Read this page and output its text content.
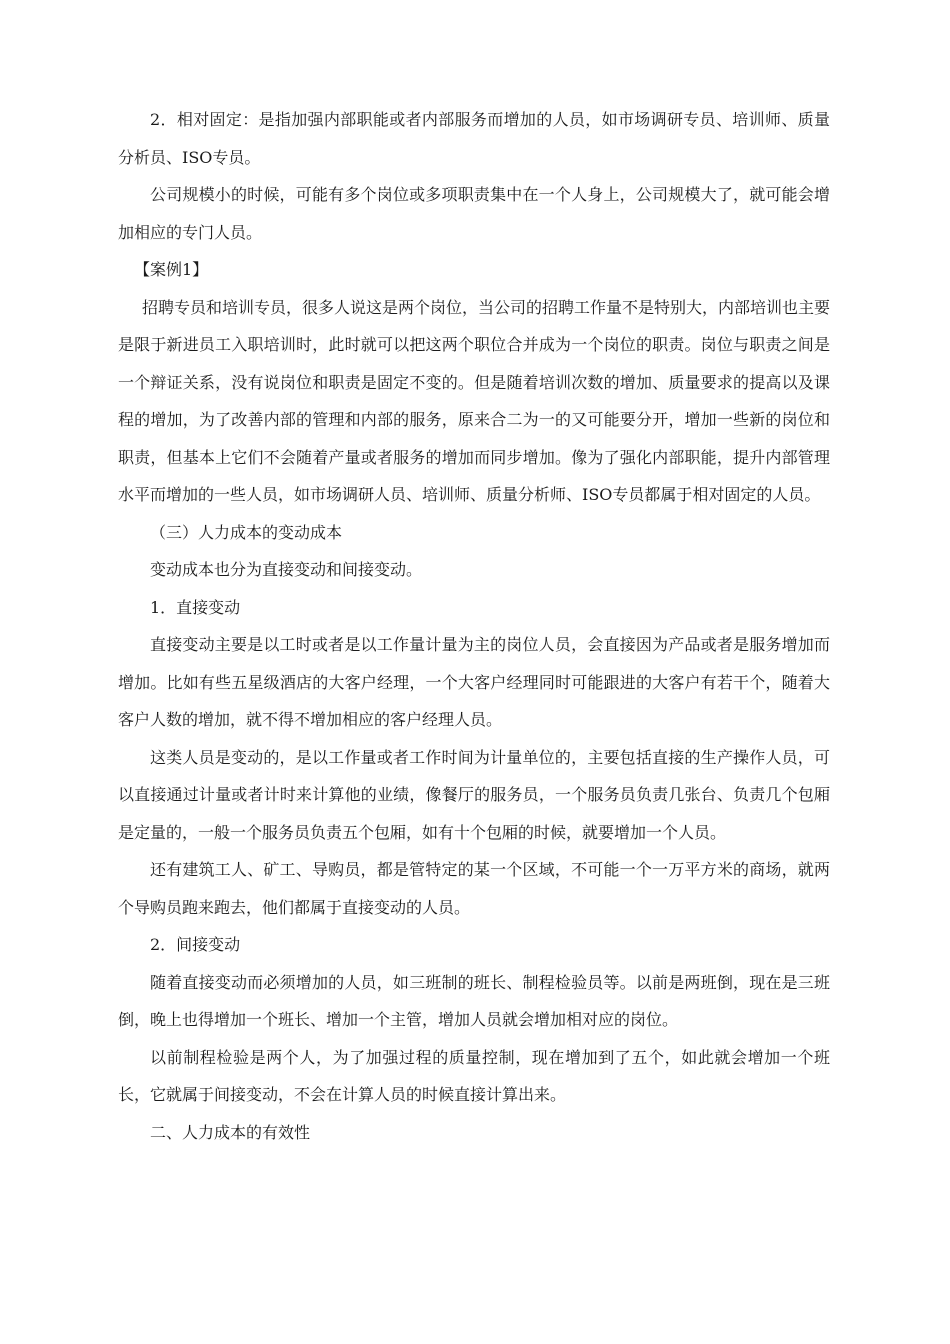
2．相对固定：是指加强内部职能或者内部服务而增加的人员，如市场调研专员、培训师、质量分析员、ISO专员。

公司规模小的时候，可能有多个岗位或多项职责集中在一个人身上，公司规模大了，就可能会增加相应的专门人员。

【案例1】

招聘专员和培训专员，很多人说这是两个岗位，当公司的招聘工作量不是特别大，内部培训也主要是限于新进员工入职培训时，此时就可以把这两个职位合并成为一个岗位的职责。岗位与职责之间是一个辩证关系，没有说岗位和职责是固定不变的。但是随着培训次数的增加、质量要求的提高以及课程的增加，为了改善内部的管理和内部的服务，原来合二为一的又可能要分开，增加一些新的岗位和职责，但基本上它们不会随着产量或者服务的增加而同步增加。像为了强化内部职能，提升内部管理水平而增加的一些人员，如市场调研人员、培训师、质量分析师、ISO专员都属于相对固定的人员。

（三）人力成本的变动成本

变动成本也分为直接变动和间接变动。

1．直接变动

直接变动主要是以工时或者是以工作量计量为主的岗位人员，会直接因为产品或者是服务增加而增加。比如有些五星级酒店的大客户经理，一个大客户经理同时可能跟进的大客户有若干个，随着大客户人数的增加，就不得不增加相应的客户经理人员。

这类人员是变动的，是以工作量或者工作时间为计量单位的，主要包括直接的生产操作人员，可以直接通过计量或者计时来计算他的业绩，像餐厅的服务员，一个服务员负责几张台、负责几个包厢是定量的，一般一个服务员负责五个包厢，如有十个包厢的时候，就要增加一个人员。

还有建筑工人、矿工、导购员，都是管特定的某一个区域，不可能一个一万平方米的商场，就两个导购员跑来跑去，他们都属于直接变动的人员。

2．间接变动

随着直接变动而必须增加的人员，如三班制的班长、制程检验员等。以前是两班倒，现在是三班倒，晚上也得增加一个班长、增加一个主管，增加人员就会增加相对应的岗位。

以前制程检验是两个人，为了加强过程的质量控制，现在增加到了五个，如此就会增加一个班长，它就属于间接变动，不会在计算人员的时候直接计算出来。

二、人力成本的有效性
